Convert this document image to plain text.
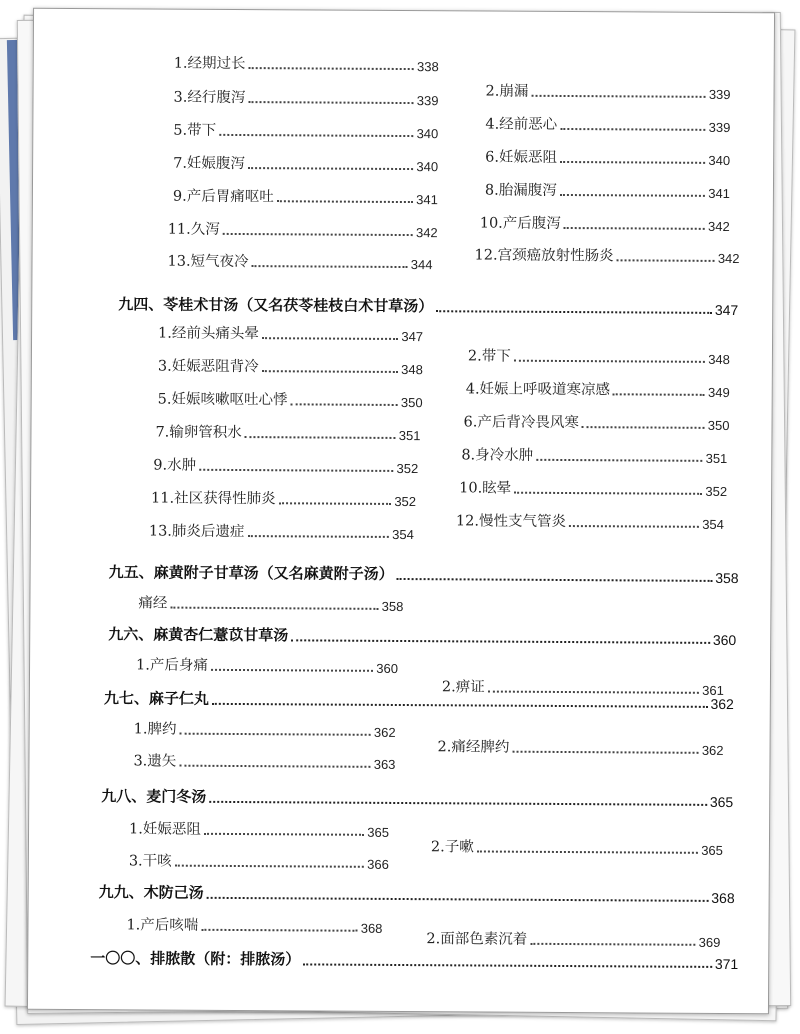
1.经期过长	338
2.崩漏	339
3.经行腹泻	339
4.经前恶心	339
5.带下	340
6.妊娠恶阻	340
7.妊娠腹泻	340
8.胎漏腹泻	341
9.产后胃痛呕吐	341
10.产后腹泻	342
11.久泻	342
12.宫颈癌放射性肠炎	342
13.短气夜冷	344
九四、苓桂术甘汤（又名茯苓桂枝白术甘草汤）	347
1.经前头痛头晕	347
2.带下	348
3.妊娠恶阻背冷	348
4.妊娠上呼吸道寒凉感	349
5.妊娠咳嗽呕吐心悸	350
6.产后背冷畏风寒	350
7.输卵管积水	351
8.身冷水肿	351
9.水肿	352
10.眩晕	352
11.社区获得性肺炎	352
12.慢性支气管炎	354
13.肺炎后遗症	354
九五、麻黄附子甘草汤（又名麻黄附子汤）	358
痛经	358
九六、麻黄杏仁薏苡甘草汤	360
1.产后身痛	360
2.痹证	361
九七、麻子仁丸	362
1.脾约	362
2.痛经脾约	362
3.遗矢	363
九八、麦门冬汤	365
1.妊娠恶阻	365
2.子嗽	365
3.干咳	366
九九、木防己汤	368
1.产后咳喘	368
2.面部色素沉着	369
一〇〇、排脓散（附：排脓汤）	371
